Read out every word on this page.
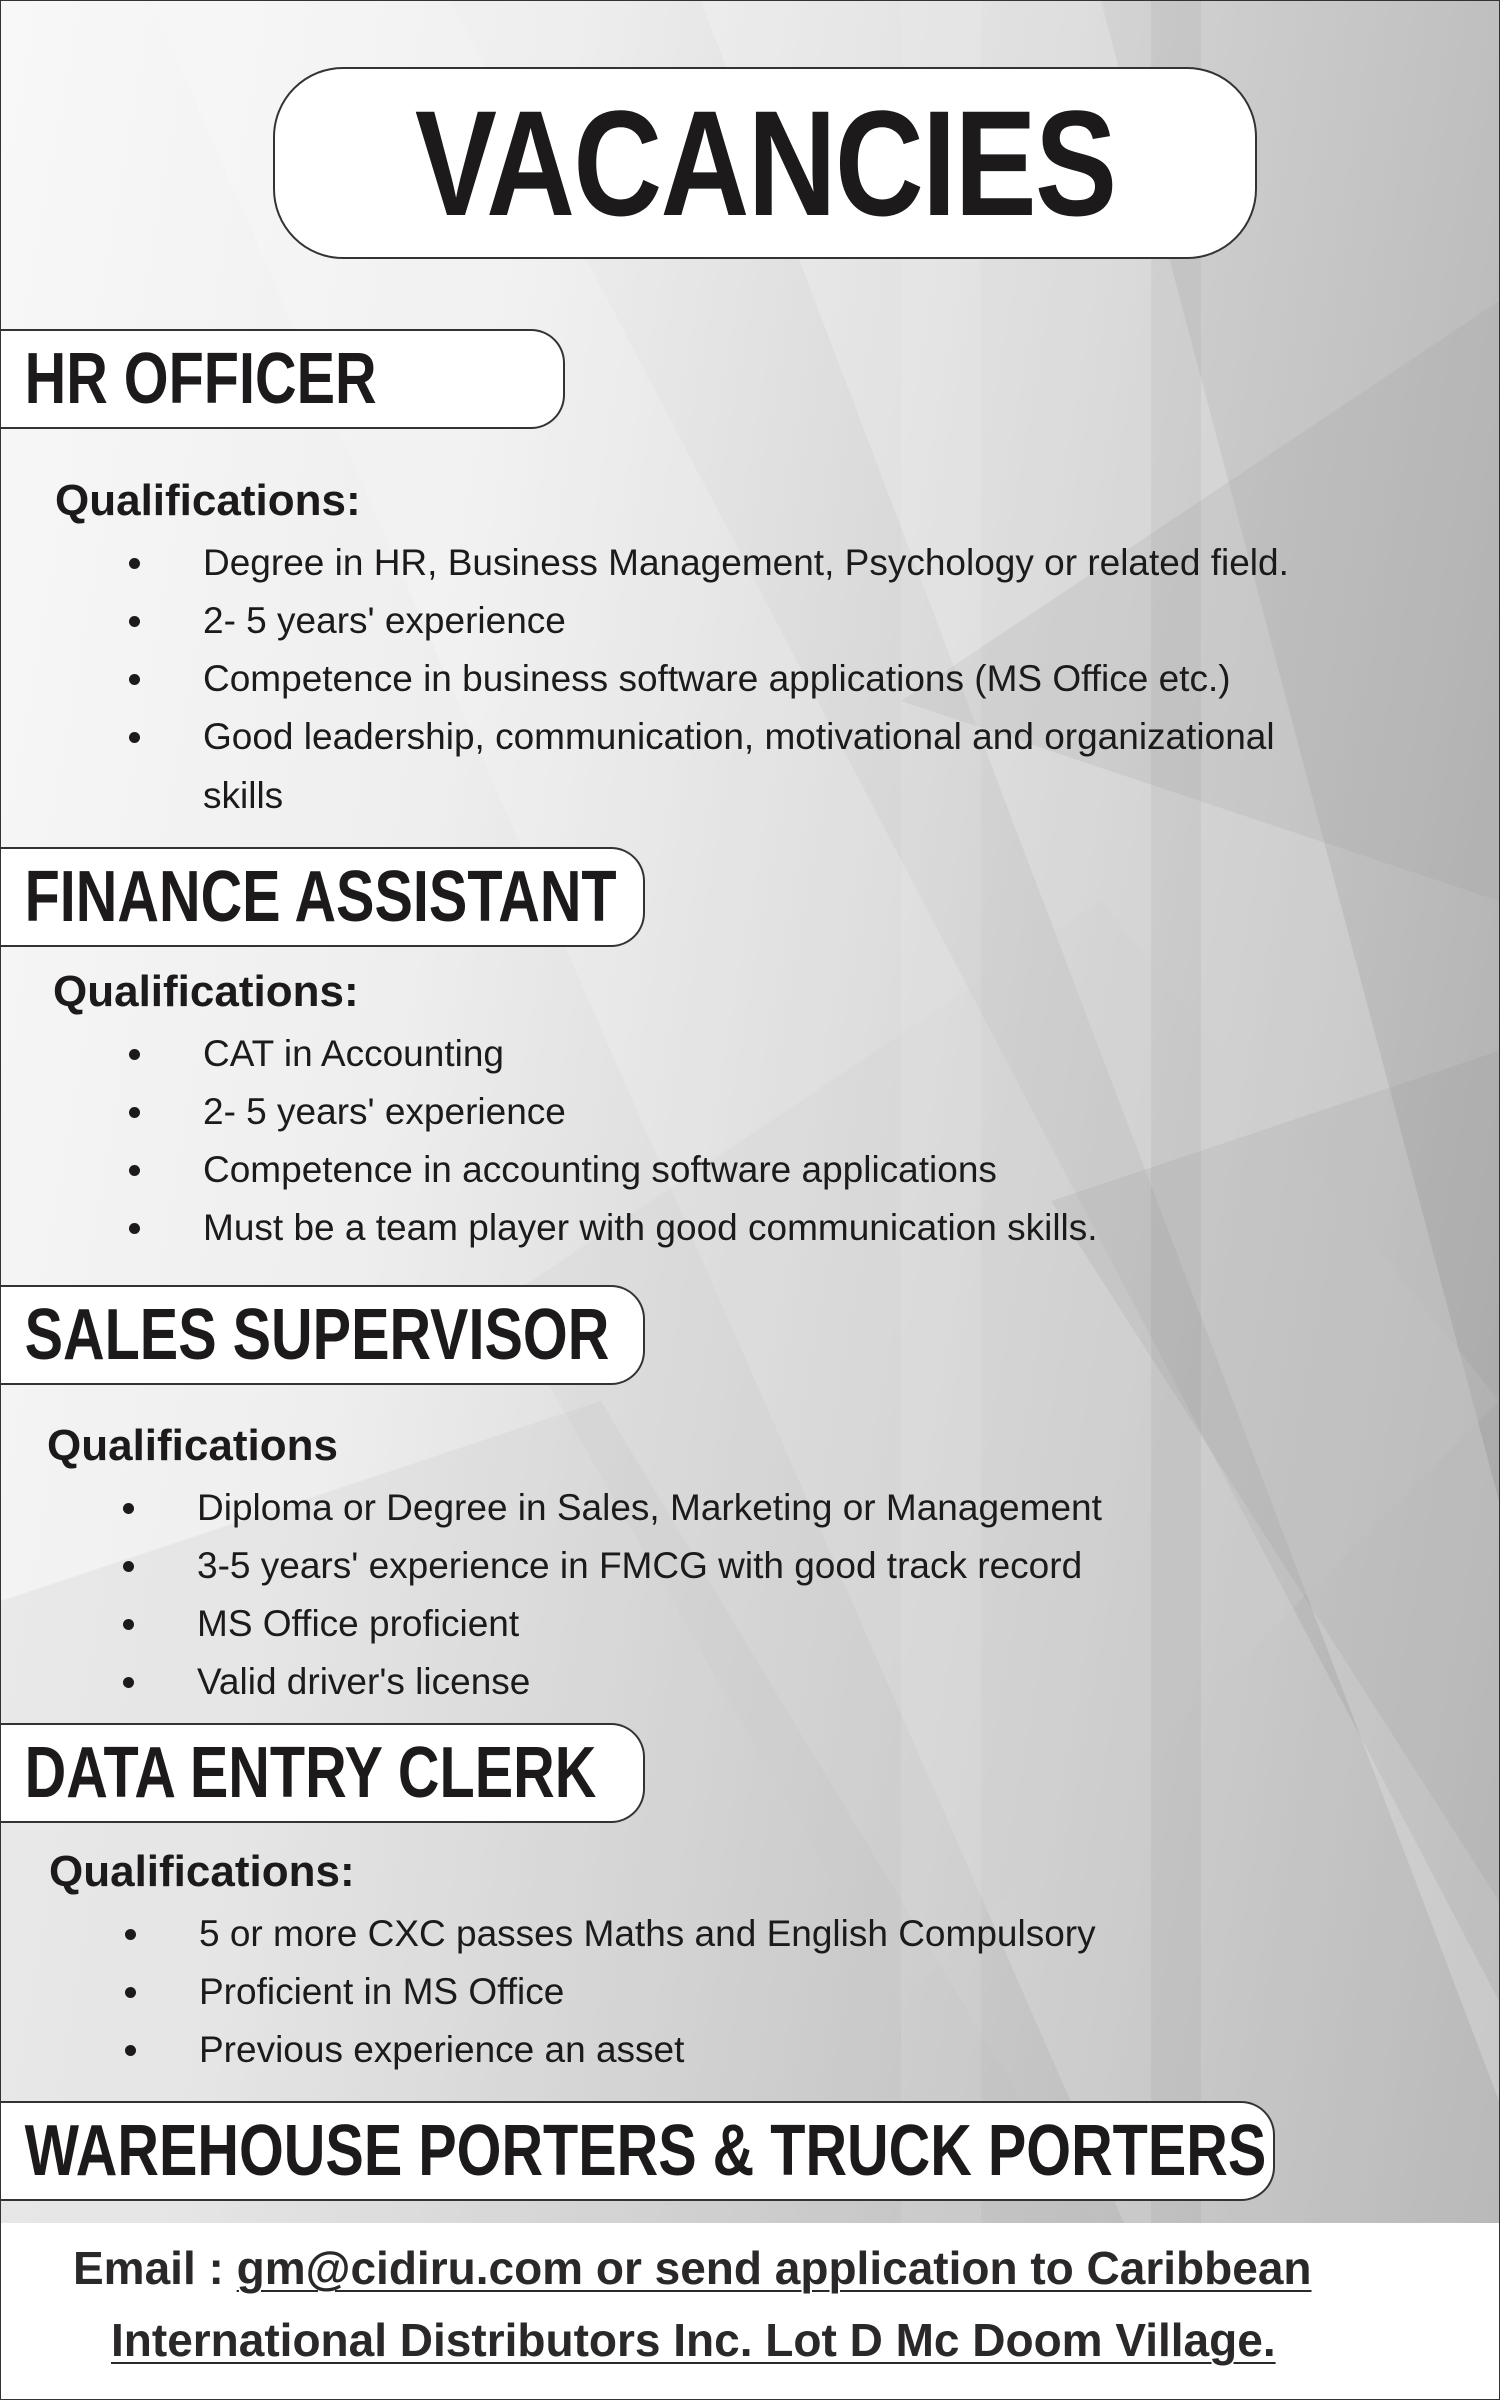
VACANCIES
HR OFFICER
Qualifications:
Degree in HR, Business Management, Psychology or related field.
2- 5 years' experience
Competence in business software applications (MS Office etc.)
Good leadership, communication, motivational and organizational
skills
FINANCE ASSISTANT
Qualifications:
CAT in Accounting
2- 5 years' experience
Competence in accounting software applications
Must be a team player with good communication skills.
SALES SUPERVISOR
Qualifications
Diploma or Degree in Sales, Marketing or Management
3-5 years' experience in FMCG with good track record
MS Office proficient
Valid driver's license
DATA ENTRY CLERK
Qualifications:
5 or more CXC passes Maths and English Compulsory
Proficient in MS Office
Previous experience an asset
WAREHOUSE PORTERS & TRUCK PORTERS
Email : gm@cidiru.com or send application to Caribbean
International Distributors Inc. Lot D Mc Doom Village.
